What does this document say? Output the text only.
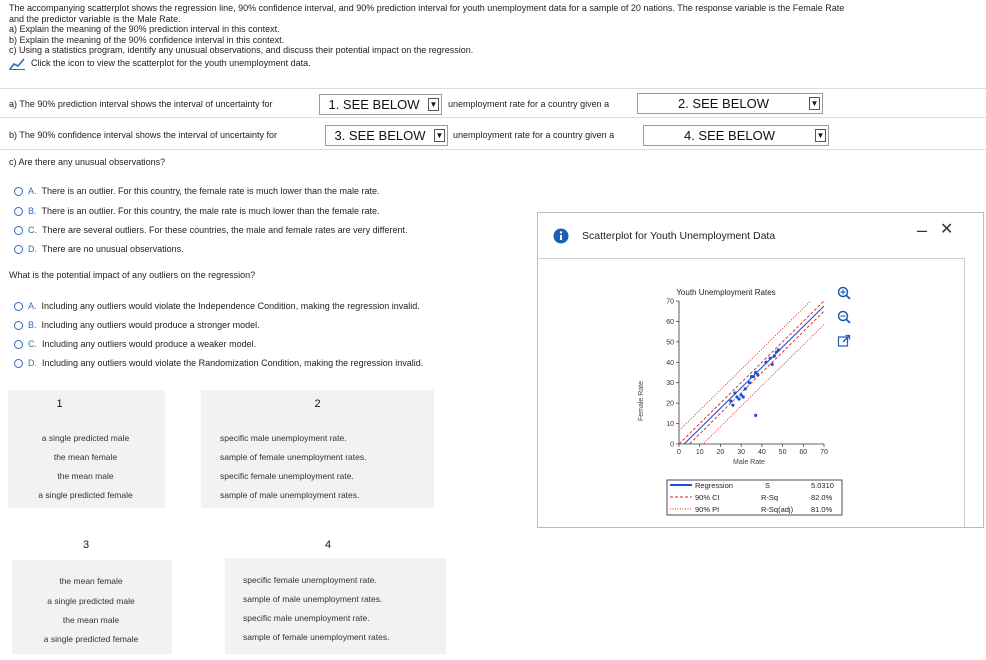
The accompanying scatterplot shows the regression line, 90% confidence interval, and 90% prediction interval for youth unemployment data for a sample of 20 nations. The response variable is the Female Rate
and the predictor variable is the Male Rate.
a) Explain the meaning of the 90% prediction interval in this context.
b) Explain the meaning of the 90% confidence interval in this context.
c) Using a statistics program, identify any unusual observations, and discuss their potential impact on the regression.
Click the icon to view the scatterplot for the youth unemployment data.
a) The 90% prediction interval shows the interval of uncertainty for	1. SEE BELOW	▼ unemployment rate for a country given a	2. SEE BELOW	▼
b) The 90% confidence interval shows the interval of uncertainty for	3. SEE BELOW	▼ unemployment rate for a country given a	4. SEE BELOW	▼
c) Are there any unusual observations?
A. There is an outlier. For this country, the female rate is much lower than the male rate.
B. There is an outlier. For this country, the male rate is much lower than the female rate.
C. There are several outliers. For these countries, the male and female rates are very different.
D. There are no unusual observations.
What is the potential impact of any outliers on the regression?
A. Including any outliers would violate the Independence Condition, making the regression invalid.
B. Including any outliers would produce a stronger model.
C. Including any outliers would produce a weaker model.
D. Including any outliers would violate the Randomization Condition, making the regression invalid.
1
a single predicted male
the mean female
the mean male
a single predicted female
2
specific male unemployment rate.
sample of female unemployment rates.
specific female unemployment rate.
sample of male unemployment rates.
3
the mean female
a single predicted male
the mean male
a single predicted female
4
specific female unemployment rate.
sample of male unemployment rates.
specific male unemployment rate.
sample of female unemployment rates.
Scatterplot for Youth Unemployment Data	– ✕
Youth Unemployment Rates
Female Rate
Male Rate
0 10 20 30 40 50 60 70
0
10
20
30
40
50
60
70
Regression	S	5.0310
90% CI	R-Sq	82.0%
90% PI	R-Sq(adj) 81.0%
